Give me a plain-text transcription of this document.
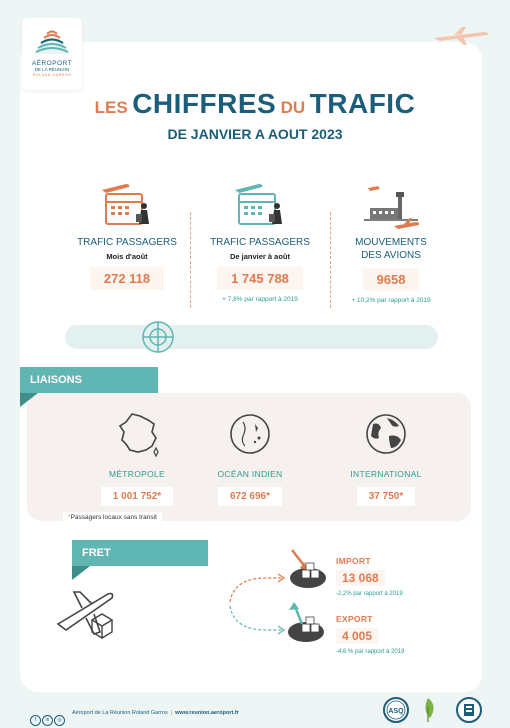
AÉROPORT
DE LA RÉUNION
ROLAND GARROS
LES CHIFFRES DU TRAFIC
DE JANVIER A AOUT 2023
TRAFIC PASSAGERS
Mois d'août
272 118
TRAFIC PASSAGERS
De janvier à août
1 745 788
+ 7,8% par rapport à 2019
MOUVEMENTS
DES AVIONS
9658
+ 10,2% par rapport à 2019
LIAISONS
MÉTROPOLE
1 001 752*
OCÉAN INDIEN
672 696*
INTERNATIONAL
37 750*
*Passagers locaux sans transit
FRET
IMPORT
13 068
-2,2% par rapport à 2019
EXPORT
4 005
-4,6 % par rapport à 2019
f in ◎
Aéroport de La Réunion Roland Garros | www.reunion.aeroport.fr	ASQ
